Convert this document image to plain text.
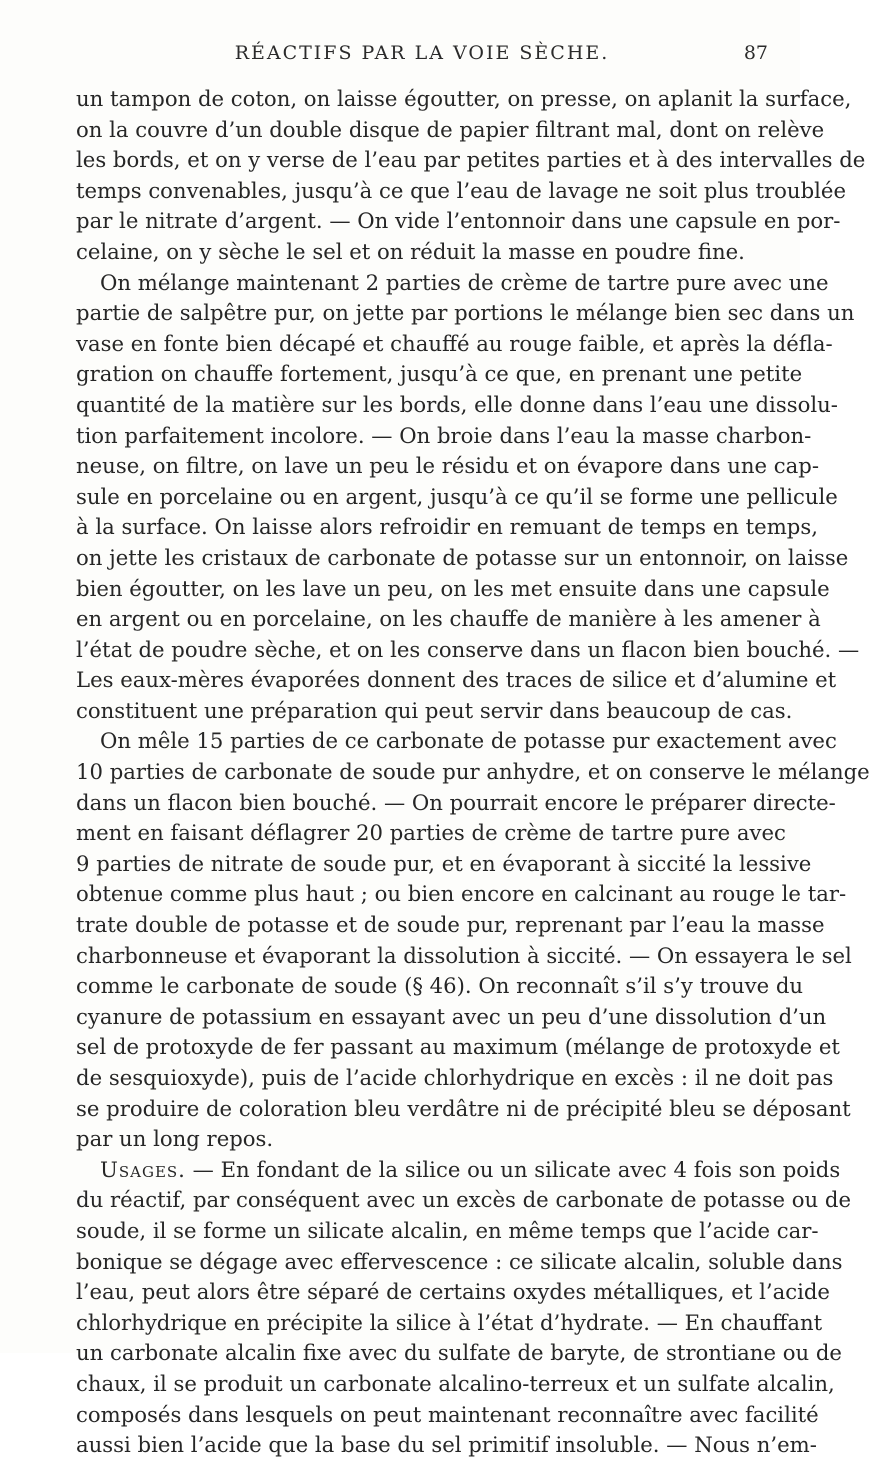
RÉACTIFS PAR LA VOIE SÈCHE.	87
un tampon de coton, on laisse égoutter, on presse, on aplanit la surface,
on la couvre d’un double disque de papier filtrant mal, dont on relève
les bords, et on y verse de l’eau par petites parties et à des intervalles de
temps convenables, jusqu’à ce que l’eau de lavage ne soit plus troublée
par le nitrate d’argent. — On vide l’entonnoir dans une capsule en por-
celaine, on y sèche le sel et on réduit la masse en poudre fine.
On mélange maintenant 2 parties de crème de tartre pure avec une
partie de salpêtre pur, on jette par portions le mélange bien sec dans un
vase en fonte bien décapé et chauffé au rouge faible, et après la défla-
gration on chauffe fortement, jusqu’à ce que, en prenant une petite
quantité de la matière sur les bords, elle donne dans l’eau une dissolu-
tion parfaitement incolore. — On broie dans l’eau la masse charbon-
neuse, on filtre, on lave un peu le résidu et on évapore dans une cap-
sule en porcelaine ou en argent, jusqu’à ce qu’il se forme une pellicule
à la surface. On laisse alors refroidir en remuant de temps en temps,
on jette les cristaux de carbonate de potasse sur un entonnoir, on laisse
bien égoutter, on les lave un peu, on les met ensuite dans une capsule
en argent ou en porcelaine, on les chauffe de manière à les amener à
l’état de poudre sèche, et on les conserve dans un flacon bien bouché. —
Les eaux-mères évaporées donnent des traces de silice et d’alumine et
constituent une préparation qui peut servir dans beaucoup de cas.
On mêle 15 parties de ce carbonate de potasse pur exactement avec
10 parties de carbonate de soude pur anhydre, et on conserve le mélange
dans un flacon bien bouché. — On pourrait encore le préparer directe-
ment en faisant déflagrer 20 parties de crème de tartre pure avec
9 parties de nitrate de soude pur, et en évaporant à siccité la lessive
obtenue comme plus haut ; ou bien encore en calcinant au rouge le tar-
trate double de potasse et de soude pur, reprenant par l’eau la masse
charbonneuse et évaporant la dissolution à siccité. — On essayera le sel
comme le carbonate de soude (§ 46). On reconnaît s’il s’y trouve du
cyanure de potassium en essayant avec un peu d’une dissolution d’un
sel de protoxyde de fer passant au maximum (mélange de protoxyde et
de sesquioxyde), puis de l’acide chlorhydrique en excès : il ne doit pas
se produire de coloration bleu verdâtre ni de précipité bleu se déposant
par un long repos.
Usages. — En fondant de la silice ou un silicate avec 4 fois son poids
du réactif, par conséquent avec un excès de carbonate de potasse ou de
soude, il se forme un silicate alcalin, en même temps que l’acide car-
bonique se dégage avec effervescence : ce silicate alcalin, soluble dans
l’eau, peut alors être séparé de certains oxydes métalliques, et l’acide
chlorhydrique en précipite la silice à l’état d’hydrate. — En chauffant
un carbonate alcalin fixe avec du sulfate de baryte, de strontiane ou de
chaux, il se produit un carbonate alcalino-terreux et un sulfate alcalin,
composés dans lesquels on peut maintenant reconnaître avec facilité
aussi bien l’acide que la base du sel primitif insoluble. — Nous n’em-
